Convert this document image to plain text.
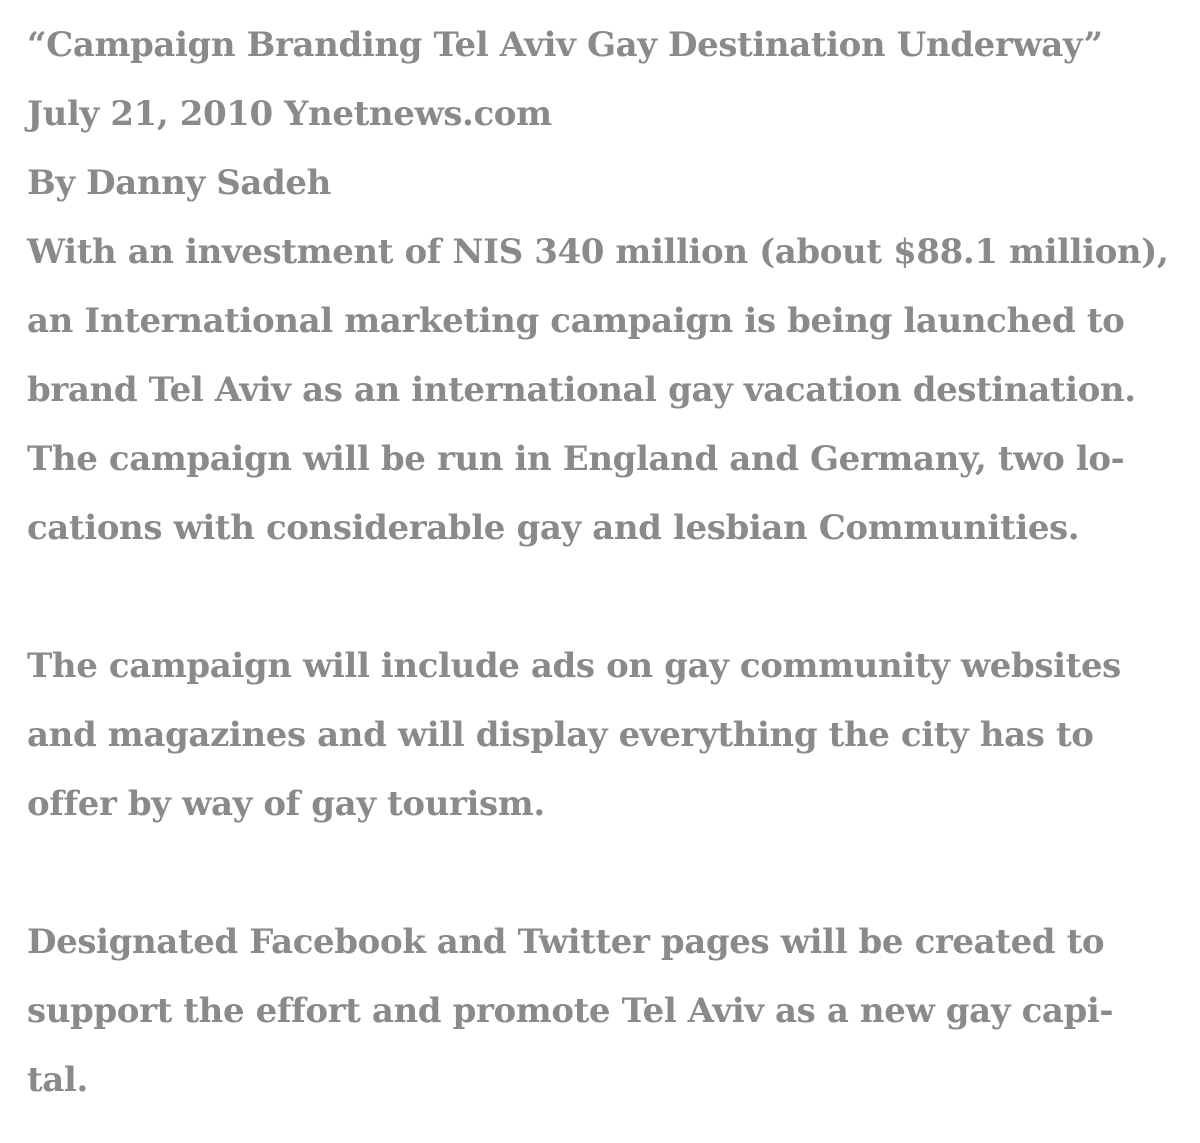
“Campaign Branding Tel Aviv Gay Destination Underway”
July 21, 2010 Ynetnews.com
By Danny Sadeh
With an investment of NIS 340 million (about $88.1 million),
an International marketing campaign is being launched to
brand Tel Aviv as an international gay vacation destination.
The campaign will be run in England and Germany, two lo-
cations with considerable gay and lesbian Communities.
The campaign will include ads on gay community websites
and magazines and will display everything the city has to
offer by way of gay tourism.
Designated Facebook and Twitter pages will be created to
support the effort and promote Tel Aviv as a new gay capi-
tal.
